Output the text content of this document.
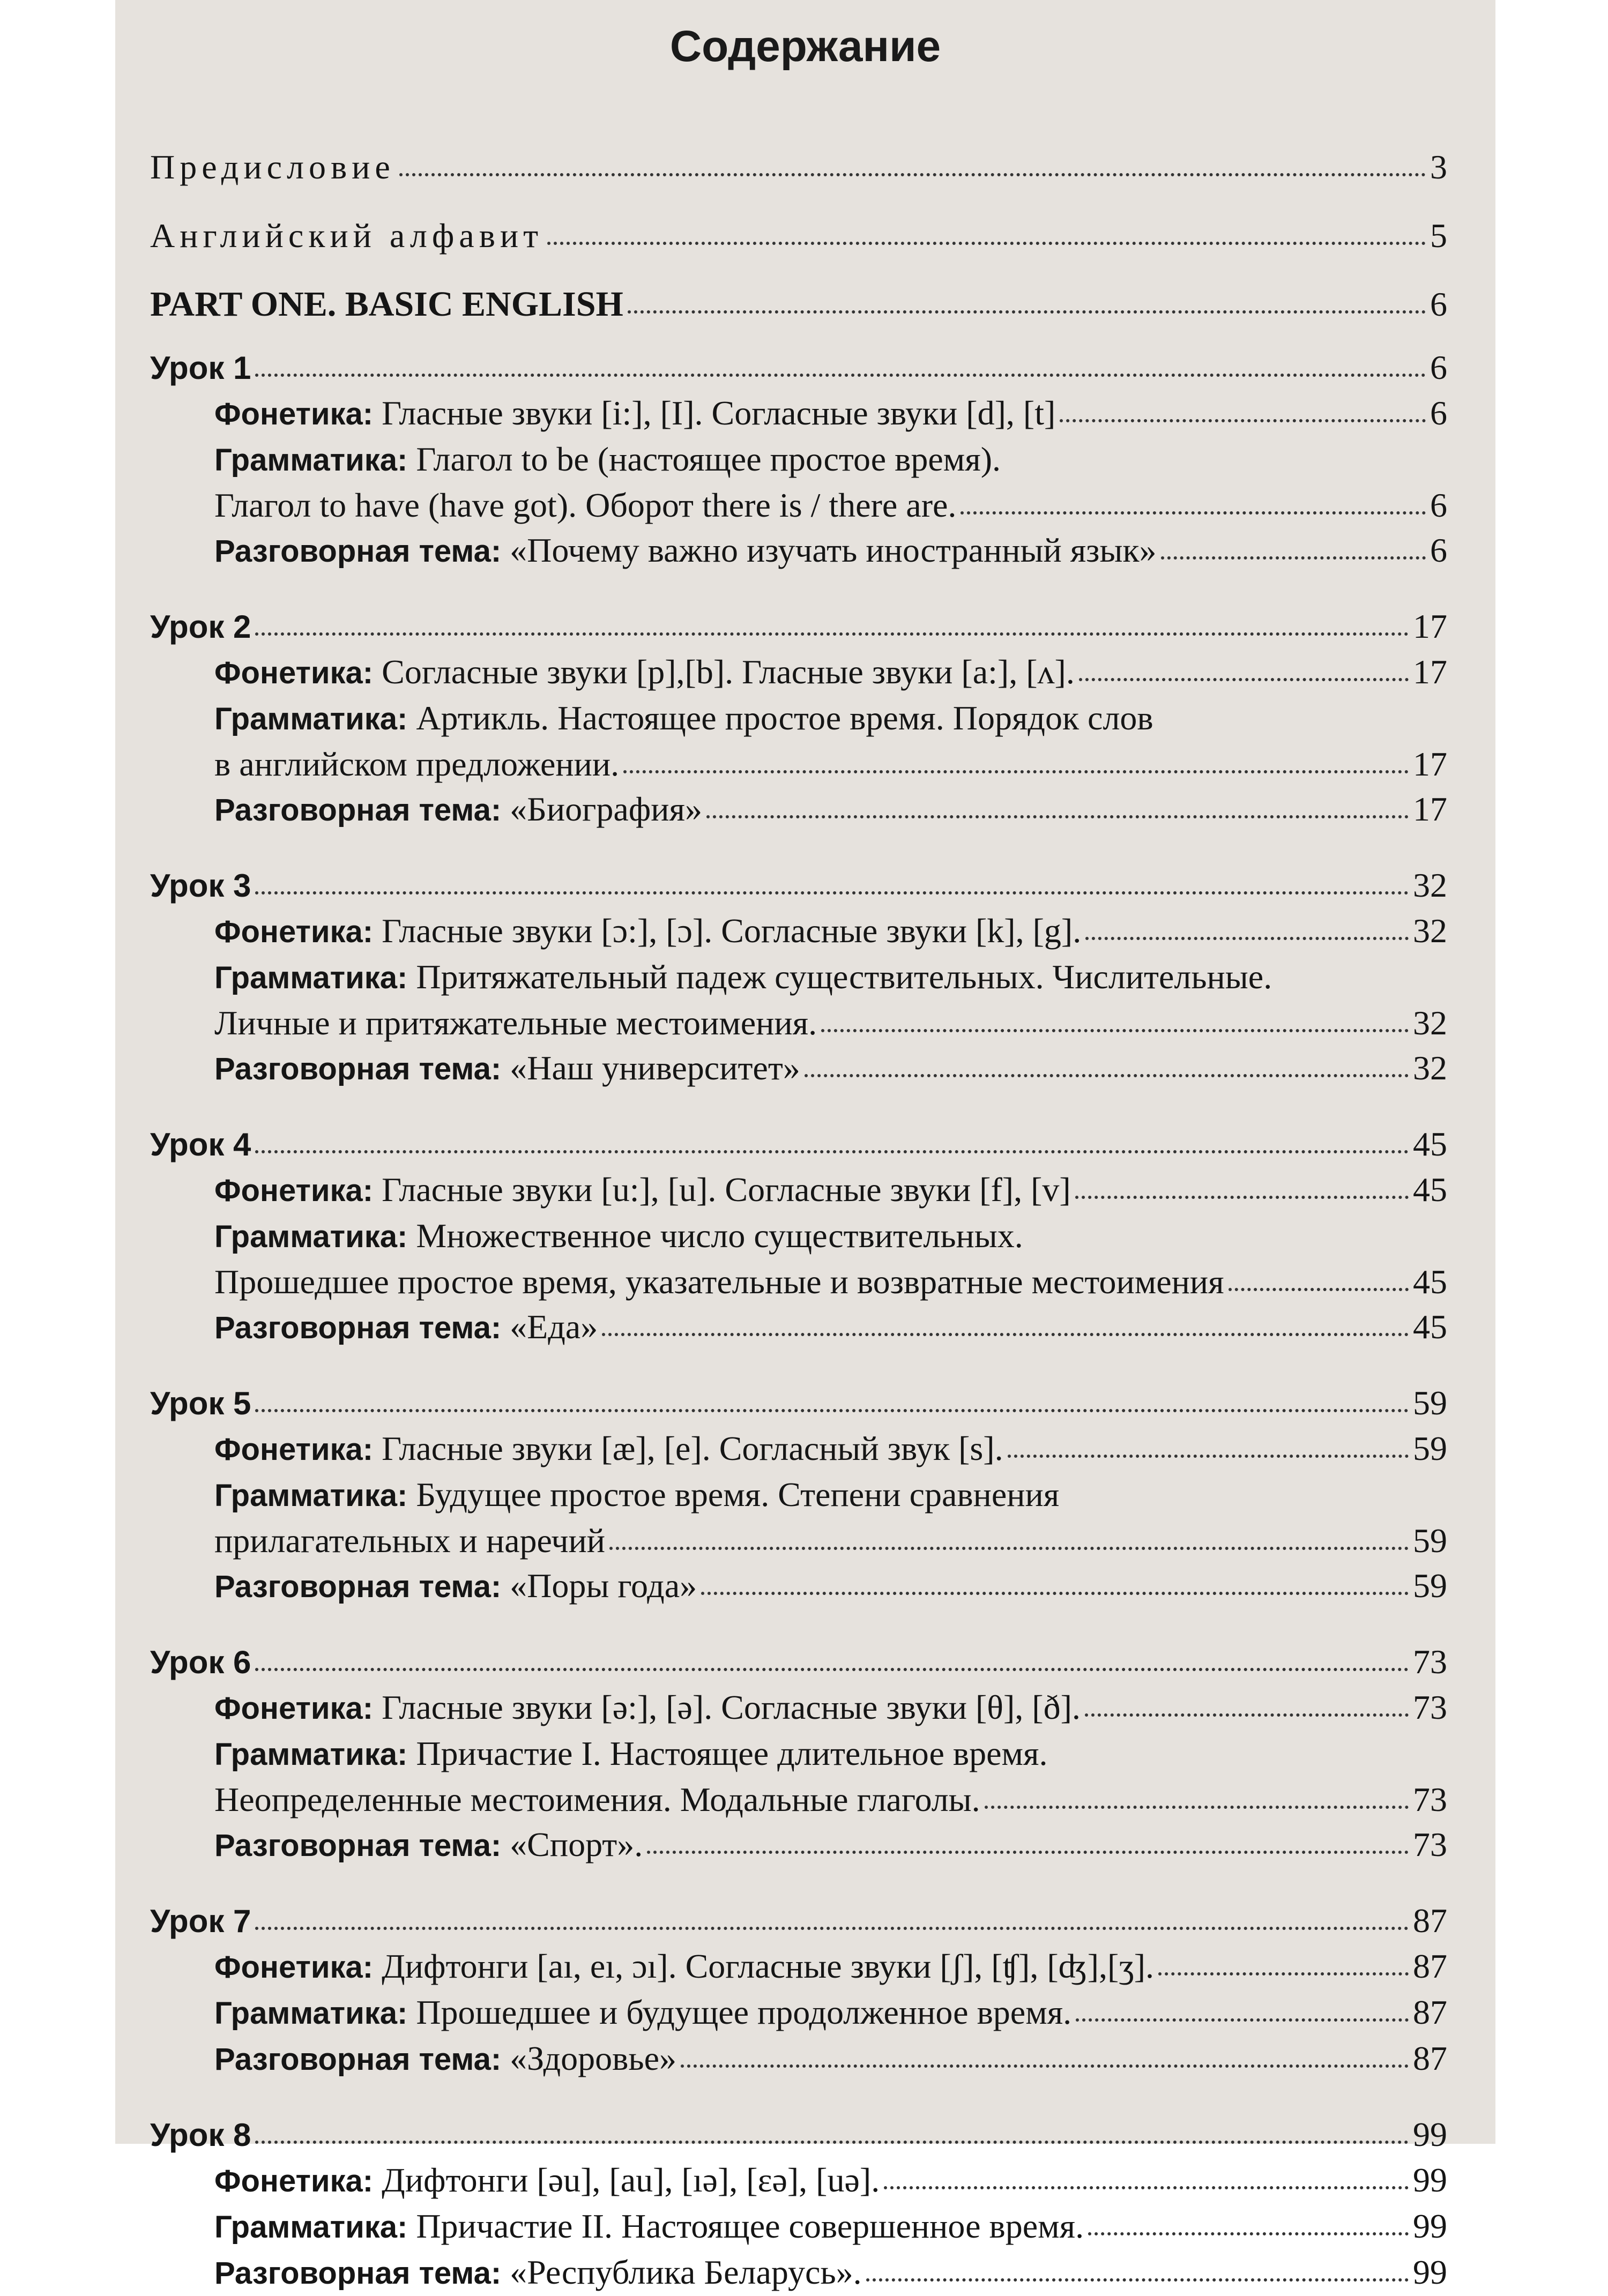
Содержание
Предисловие	3
Английский алфавит	5
PART ONE. BASIC ENGLISH	6
Урок 1	6
Фонетика: Гласные звуки [i:], [I]. Согласные звуки [d], [t]	6
Грамматика: Глагол to be (настоящее простое время).
Глагол to have (have got). Оборот there is / there are.	6
Разговорная тема: «Почему важно изучать иностранный язык»	6
Урок 2	17
Фонетика: Согласные звуки [p],[b]. Гласные звуки [a:], [ʌ].	17
Грамматика: Артикль. Настоящее простое время. Порядок слов
в английском предложении.	17
Разговорная тема: «Биография»	17
Урок 3	32
Фонетика: Гласные звуки [ɔ:], [ɔ]. Согласные звуки [k], [g].	32
Грамматика: Притяжательный падеж существительных. Числительные.
Личные и притяжательные местоимения.	32
Разговорная тема: «Наш университет»	32
Урок 4	45
Фонетика: Гласные звуки [u:], [u]. Согласные звуки [f], [v]	45
Грамматика: Множественное число существительных.
Прошедшее простое время, указательные и возвратные местоимения	45
Разговорная тема: «Еда»	45
Урок 5	59
Фонетика: Гласные звуки [æ], [e]. Согласный звук [s].	59
Грамматика: Будущее простое время. Степени сравнения
прилагательных и наречий	59
Разговорная тема: «Поры года»	59
Урок 6	73
Фонетика: Гласные звуки [ə:], [ə]. Согласные звуки [θ], [ð].	73
Грамматика: Причастие I. Настоящее длительное время.
Неопределенные местоимения. Модальные глаголы.	73
Разговорная тема: «Спорт».	73
Урок 7	87
Фонетика: Дифтонги [aı, eı, ɔı]. Согласные звуки [ʃ], [ʧ], [ʤ],[ʒ].	87
Грамматика: Прошедшее и будущее продолженное время.	87
Разговорная тема: «Здоровье»	87
Урок 8	99
Фонетика: Дифтонги [əu], [au], [ıə], [εə], [uə].	99
Грамматика: Причастие II. Настоящее совершенное время.	99
Разговорная тема: «Республика Беларусь».	99
